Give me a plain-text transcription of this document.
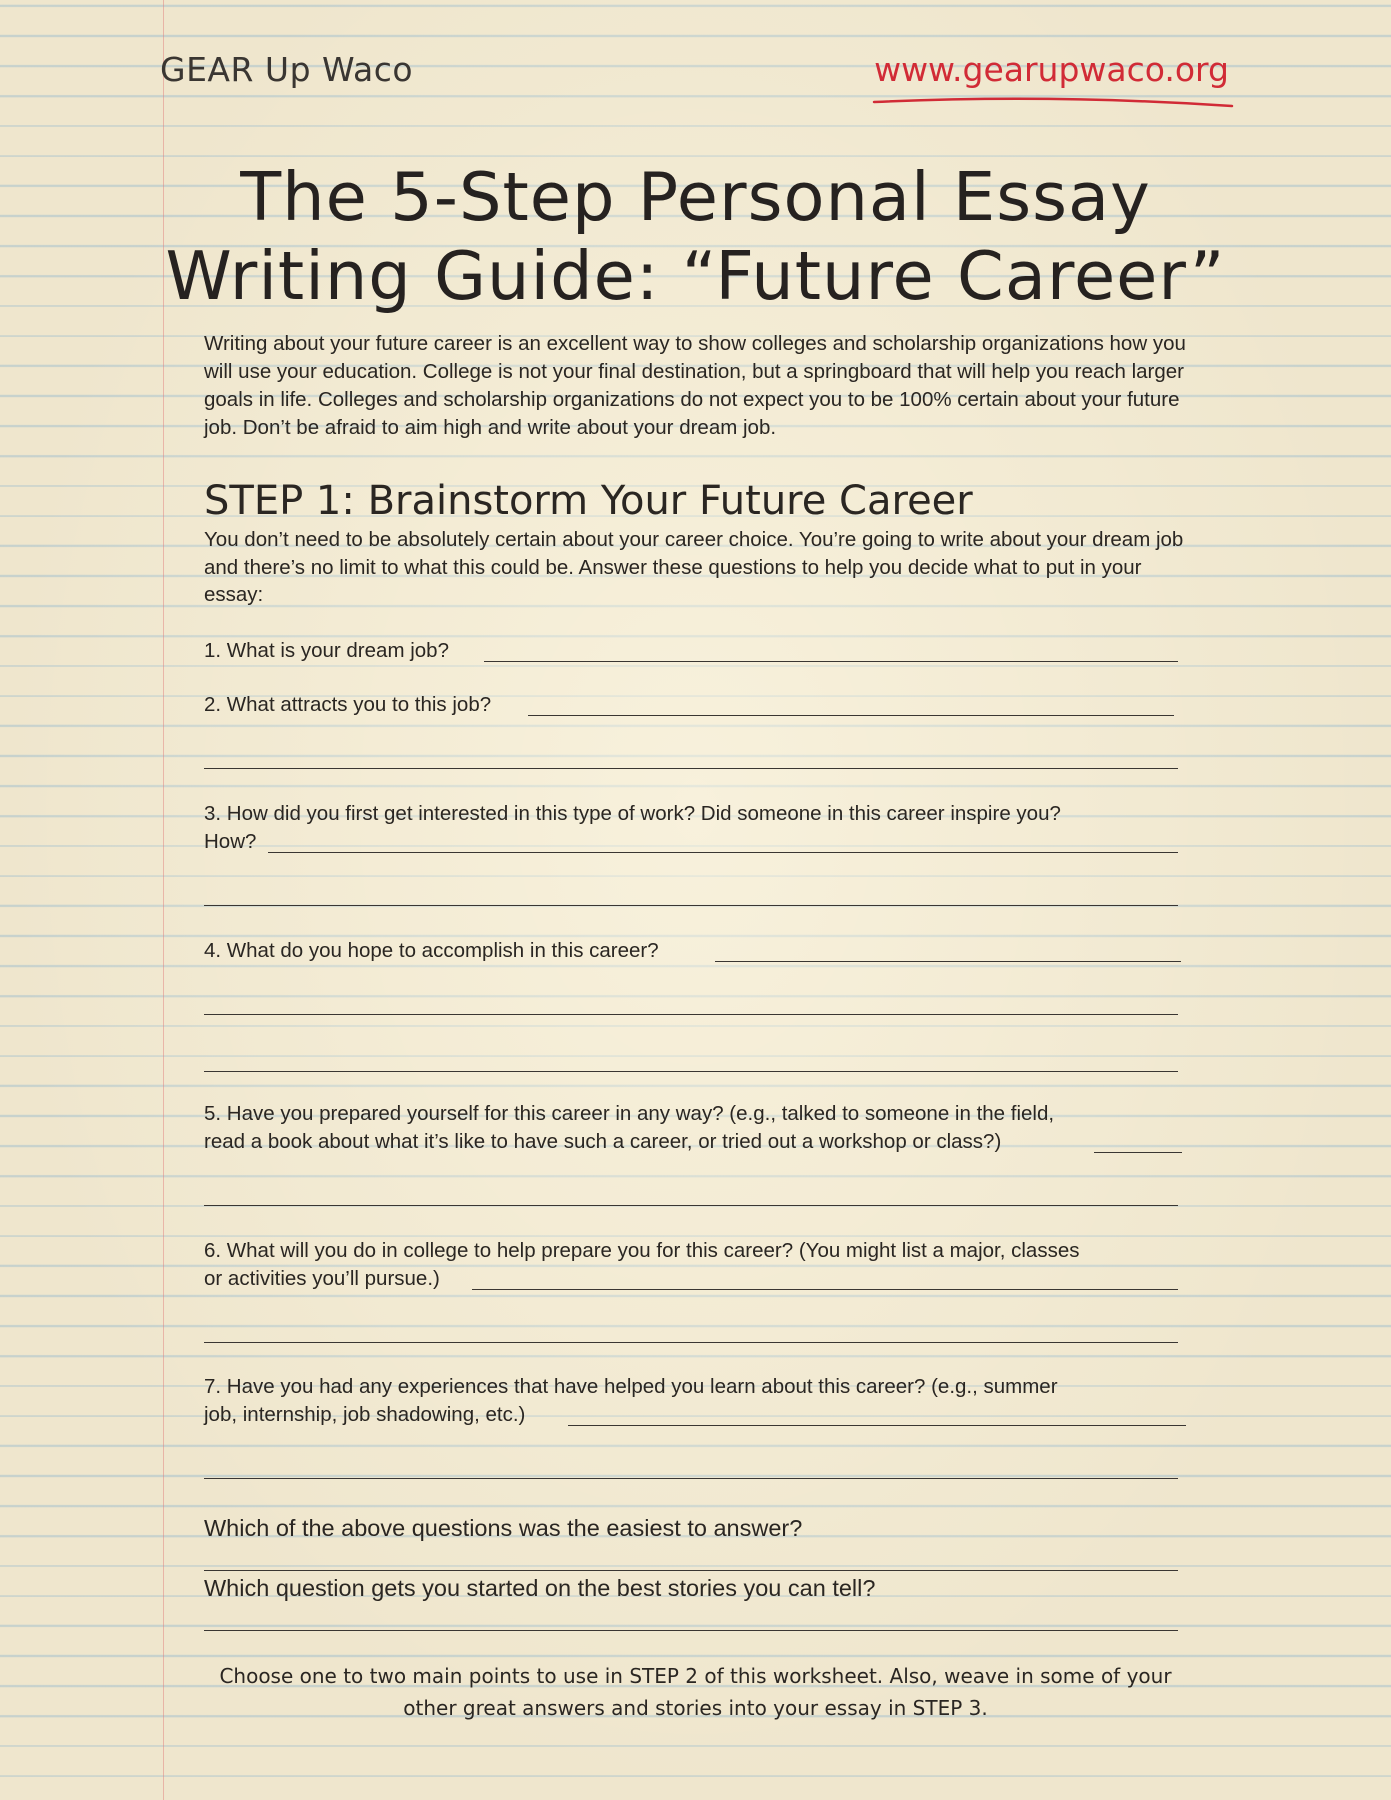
GEAR Up Waco	www.gearupwaco.org
The 5-Step Personal Essay
Writing Guide: “Future Career”
Writing about your future career is an excellent way to show colleges and scholarship organizations how you will use your education. College is not your final destination, but a springboard that will help you reach larger goals in life. Colleges and scholarship organizations do not expect you to be 100% certain about your future job. Don’t be afraid to aim high and write about your dream job.
STEP 1: Brainstorm Your Future Career
You don’t need to be absolutely certain about your career choice. You’re going to write about your dream job and there’s no limit to what this could be. Answer these questions to help you decide what to put in your essay:
1. What is your dream job?
2. What attracts you to this job?
3. How did you first get interested in this type of work? Did someone in this career inspire you?
How?
4. What do you hope to accomplish in this career?
5. Have you prepared yourself for this career in any way? (e.g., talked to someone in the field,
read a book about what it’s like to have such a career, or tried out a workshop or class?)
6. What will you do in college to help prepare you for this career? (You might list a major, classes
or activities you’ll pursue.)
7. Have you had any experiences that have helped you learn about this career? (e.g., summer
job, internship, job shadowing, etc.)
Which of the above questions was the easiest to answer?
Which question gets you started on the best stories you can tell?
Choose one to two main points to use in STEP 2 of this worksheet. Also, weave in some of your
other great answers and stories into your essay in STEP 3.
